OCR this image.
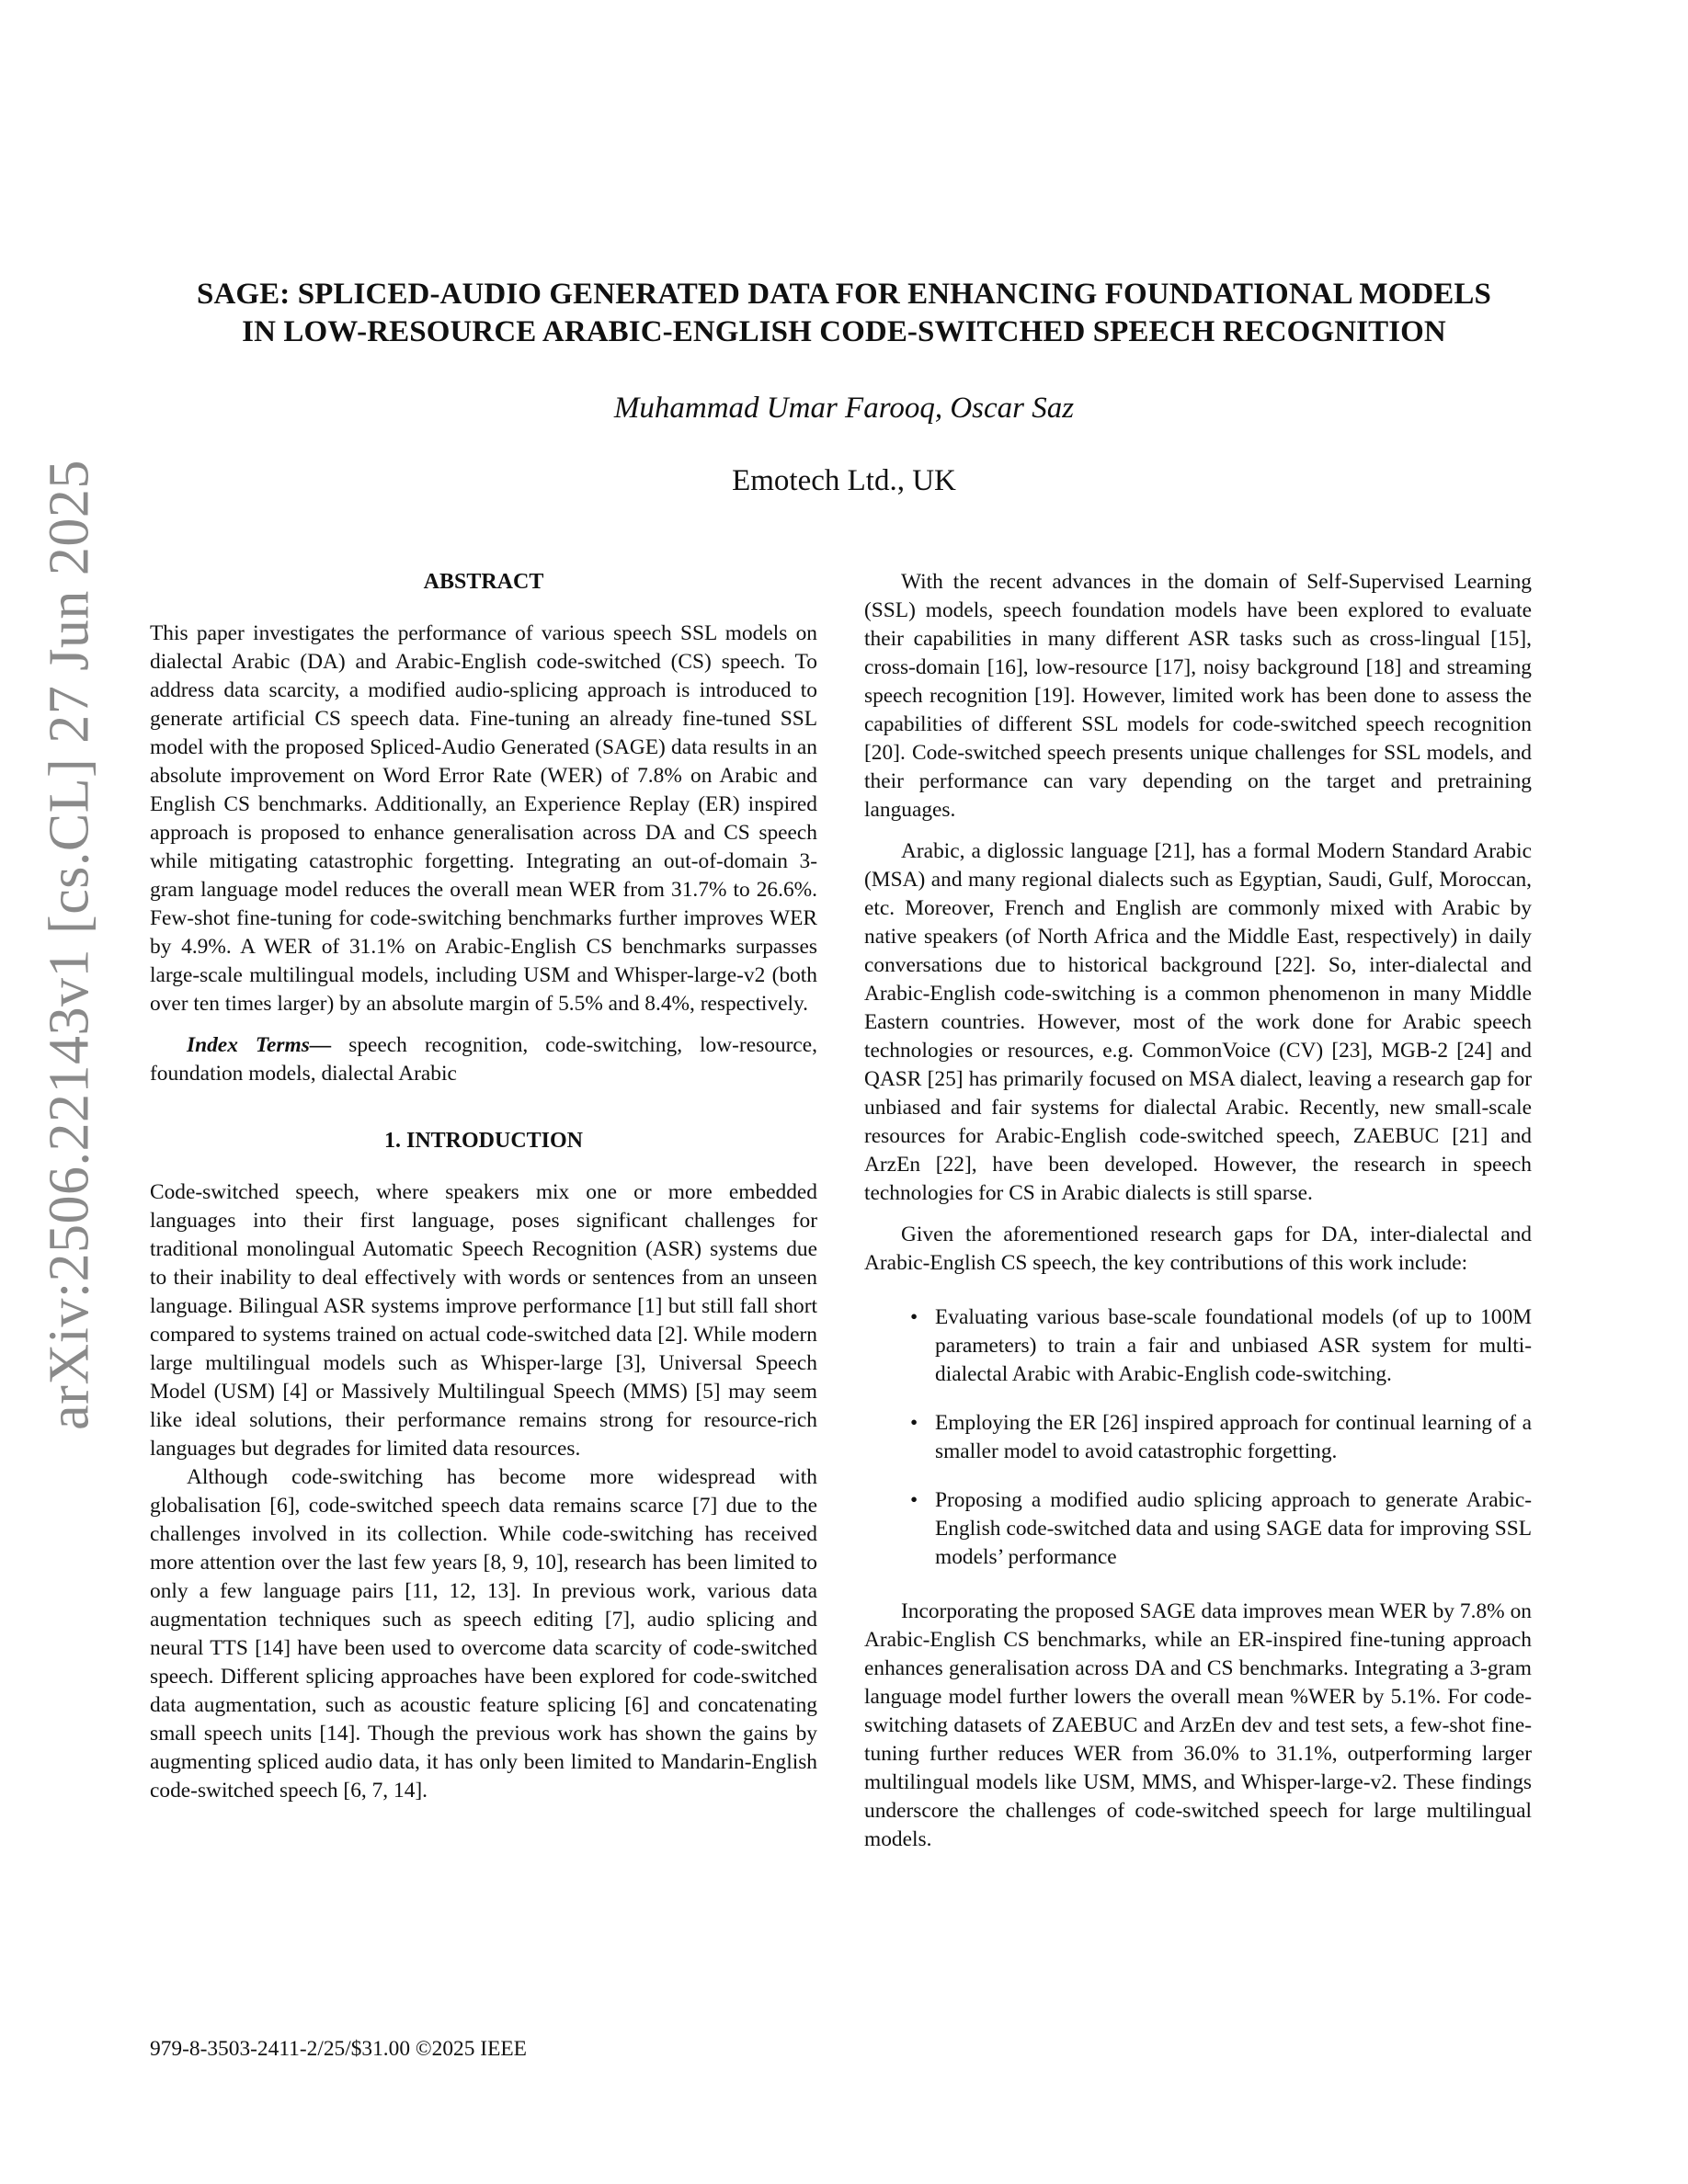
arXiv:2506.22143v1 [cs.CL] 27 Jun 2025
SAGE: SPLICED-AUDIO GENERATED DATA FOR ENHANCING FOUNDATIONAL MODELS
IN LOW-RESOURCE ARABIC-ENGLISH CODE-SWITCHED SPEECH RECOGNITION
Muhammad Umar Farooq, Oscar Saz
Emotech Ltd., UK
ABSTRACT

This paper investigates the performance of various speech SSL models on dialectal Arabic (DA) and Arabic-English code-switched (CS) speech. To address data scarcity, a modified audio-splicing approach is introduced to generate artificial CS speech data. Fine-tuning an already fine-tuned SSL model with the proposed Spliced-Audio Generated (SAGE) data results in an absolute improvement on Word Error Rate (WER) of 7.8% on Arabic and English CS benchmarks. Additionally, an Experience Replay (ER) inspired approach is proposed to enhance generalisation across DA and CS speech while mitigating catastrophic forgetting. Integrating an out-of-domain 3-gram language model reduces the overall mean WER from 31.7% to 26.6%. Few-shot fine-tuning for code-switching benchmarks further improves WER by 4.9%. A WER of 31.1% on Arabic-English CS benchmarks surpasses large-scale multilingual models, including USM and Whisper-large-v2 (both over ten times larger) by an absolute margin of 5.5% and 8.4%, respectively.

Index Terms— speech recognition, code-switching, low-resource, foundation models, dialectal Arabic

1. INTRODUCTION

Code-switched speech, where speakers mix one or more embedded languages into their first language, poses significant challenges for traditional monolingual Automatic Speech Recognition (ASR) systems due to their inability to deal effectively with words or sentences from an unseen language. Bilingual ASR systems improve performance [1] but still fall short compared to systems trained on actual code-switched data [2]. While modern large multilingual models such as Whisper-large [3], Universal Speech Model (USM) [4] or Massively Multilingual Speech (MMS) [5] may seem like ideal solutions, their performance remains strong for resource-rich languages but degrades for limited data resources.

Although code-switching has become more widespread with globalisation [6], code-switched speech data remains scarce [7] due to the challenges involved in its collection. While code-switching has received more attention over the last few years [8, 9, 10], research has been limited to only a few language pairs [11, 12, 13]. In previous work, various data augmentation techniques such as speech editing [7], audio splicing and neural TTS [14] have been used to overcome data scarcity of code-switched speech. Different splicing approaches have been explored for code-switched data augmentation, such as acoustic feature splicing [6] and concatenating small speech units [14]. Though the previous work has shown the gains by augmenting spliced audio data, it has only been limited to Mandarin-English code-switched speech [6, 7, 14].

With the recent advances in the domain of Self-Supervised Learning (SSL) models, speech foundation models have been explored to evaluate their capabilities in many different ASR tasks such as cross-lingual [15], cross-domain [16], low-resource [17], noisy background [18] and streaming speech recognition [19]. However, limited work has been done to assess the capabilities of different SSL models for code-switched speech recognition [20]. Code-switched speech presents unique challenges for SSL models, and their performance can vary depending on the target and pretraining languages.

Arabic, a diglossic language [21], has a formal Modern Standard Arabic (MSA) and many regional dialects such as Egyptian, Saudi, Gulf, Moroccan, etc. Moreover, French and English are commonly mixed with Arabic by native speakers (of North Africa and the Middle East, respectively) in daily conversations due to historical background [22]. So, inter-dialectal and Arabic-English code-switching is a common phenomenon in many Middle Eastern countries. However, most of the work done for Arabic speech technologies or resources, e.g. CommonVoice (CV) [23], MGB-2 [24] and QASR [25] has primarily focused on MSA dialect, leaving a research gap for unbiased and fair systems for dialectal Arabic. Recently, new small-scale resources for Arabic-English code-switched speech, ZAEBUC [21] and ArzEn [22], have been developed. However, the research in speech technologies for CS in Arabic dialects is still sparse.

Given the aforementioned research gaps for DA, inter-dialectal and Arabic-English CS speech, the key contributions of this work include:

• Evaluating various base-scale foundational models (of up to 100M parameters) to train a fair and unbiased ASR system for multi-dialectal Arabic with Arabic-English code-switching.
• Employing the ER [26] inspired approach for continual learning of a smaller model to avoid catastrophic forgetting.
• Proposing a modified audio splicing approach to generate Arabic-English code-switched data and using SAGE data for improving SSL models’ performance

Incorporating the proposed SAGE data improves mean WER by 7.8% on Arabic-English CS benchmarks, while an ER-inspired fine-tuning approach enhances generalisation across DA and CS benchmarks. Integrating a 3-gram language model further lowers the overall mean %WER by 5.1%. For code-switching datasets of ZAEBUC and ArzEn dev and test sets, a few-shot fine-tuning further reduces WER from 36.0% to 31.1%, outperforming larger multilingual models like USM, MMS, and Whisper-large-v2. These findings underscore the challenges of code-switched speech for large multilingual models.

979-8-3503-2411-2/25/$31.00 ©2025 IEEE
